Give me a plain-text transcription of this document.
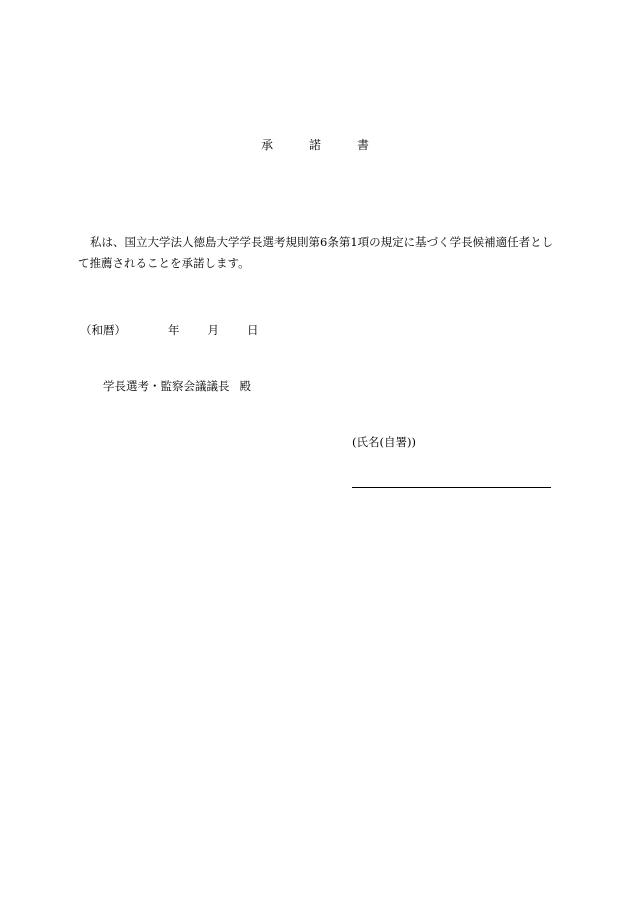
承	諾	書
私は、国立大学法人徳島大学学長選考規則第6条第1項の規定に基づく学長候補適任者として推薦されることを承諾します。
（和暦）	年 月 日
学長選考・監察会議議長 殿
(氏名(自署))
